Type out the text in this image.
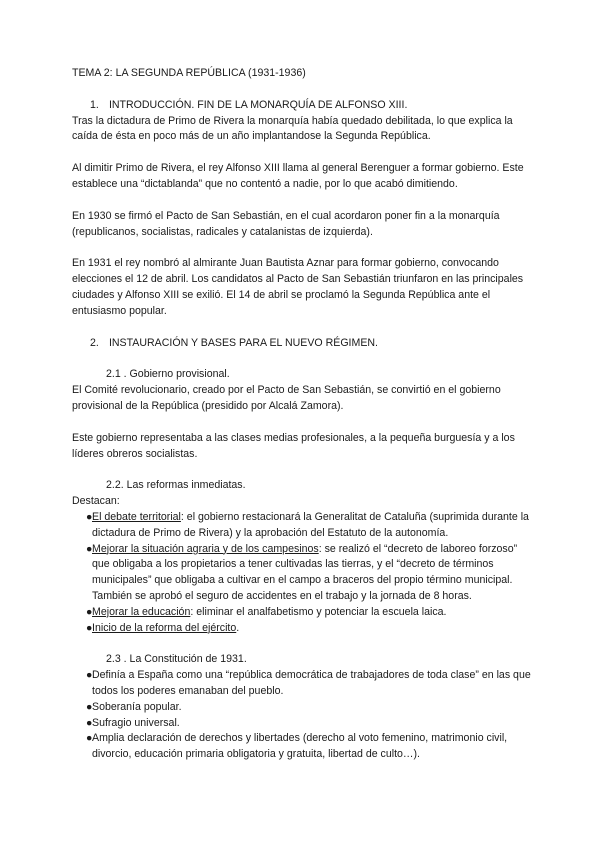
TEMA 2: LA SEGUNDA REPÚBLICA (1931-1936)

1. INTRODUCCIÓN. FIN DE LA MONARQUÍA DE ALFONSO XIII.

Tras la dictadura de Primo de Rivera la monarquía había quedado debilitada, lo que explica la caída de ésta en poco más de un año implantandose la Segunda República.

Al dimitir Primo de Rivera, el rey Alfonso XIII llama al general Berenguer a formar gobierno. Este establece una “dictablanda” que no contentó a nadie, por lo que acabó dimitiendo.

En 1930 se firmó el Pacto de San Sebastián, en el cual acordaron poner fin a la monarquía (republicanos, socialistas, radicales y catalanistas de izquierda).

En 1931 el rey nombró al almirante Juan Bautista Aznar para formar gobierno, convocando elecciones el 12 de abril. Los candidatos al Pacto de San Sebastián triunfaron en las principales ciudades y Alfonso XIII se exilió. El 14 de abril se proclamó la Segunda República ante el entusiasmo popular.

2. INSTAURACIÓN Y BASES PARA EL NUEVO RÉGIMEN.

2.1 . Gobierno provisional.

El Comité revolucionario, creado por el Pacto de San Sebastián, se convirtió en el gobierno provisional de la República (presidido por Alcalá Zamora).

Este gobierno representaba a las clases medias profesionales, a la pequeña burguesía y a los líderes obreros socialistas.

2.2. Las reformas inmediatas.

Destacan:

● El debate territorial: el gobierno restacionará la Generalitat de Cataluña (suprimida durante la dictadura de Primo de Rivera) y la aprobación del Estatuto de la autonomía.
● Mejorar la situación agraria y de los campesinos: se realizó el “decreto de laboreo forzoso” que obligaba a los propietarios a tener cultivadas las tierras, y el “decreto de términos municipales” que obligaba a cultivar en el campo a braceros del propio término municipal. También se aprobó el seguro de accidentes en el trabajo y la jornada de 8 horas.
● Mejorar la educación: eliminar el analfabetismo y potenciar la escuela laica.
● Inicio de la reforma del ejército.

2.3 . La Constitución de 1931.

● Definía a España como una “república democrática de trabajadores de toda clase” en las que todos los poderes emanaban del pueblo.
● Soberanía popular.
● Sufragio universal.
● Amplia declaración de derechos y libertades (derecho al voto femenino, matrimonio civil, divorcio, educación primaria obligatoria y gratuita, libertad de culto…).
